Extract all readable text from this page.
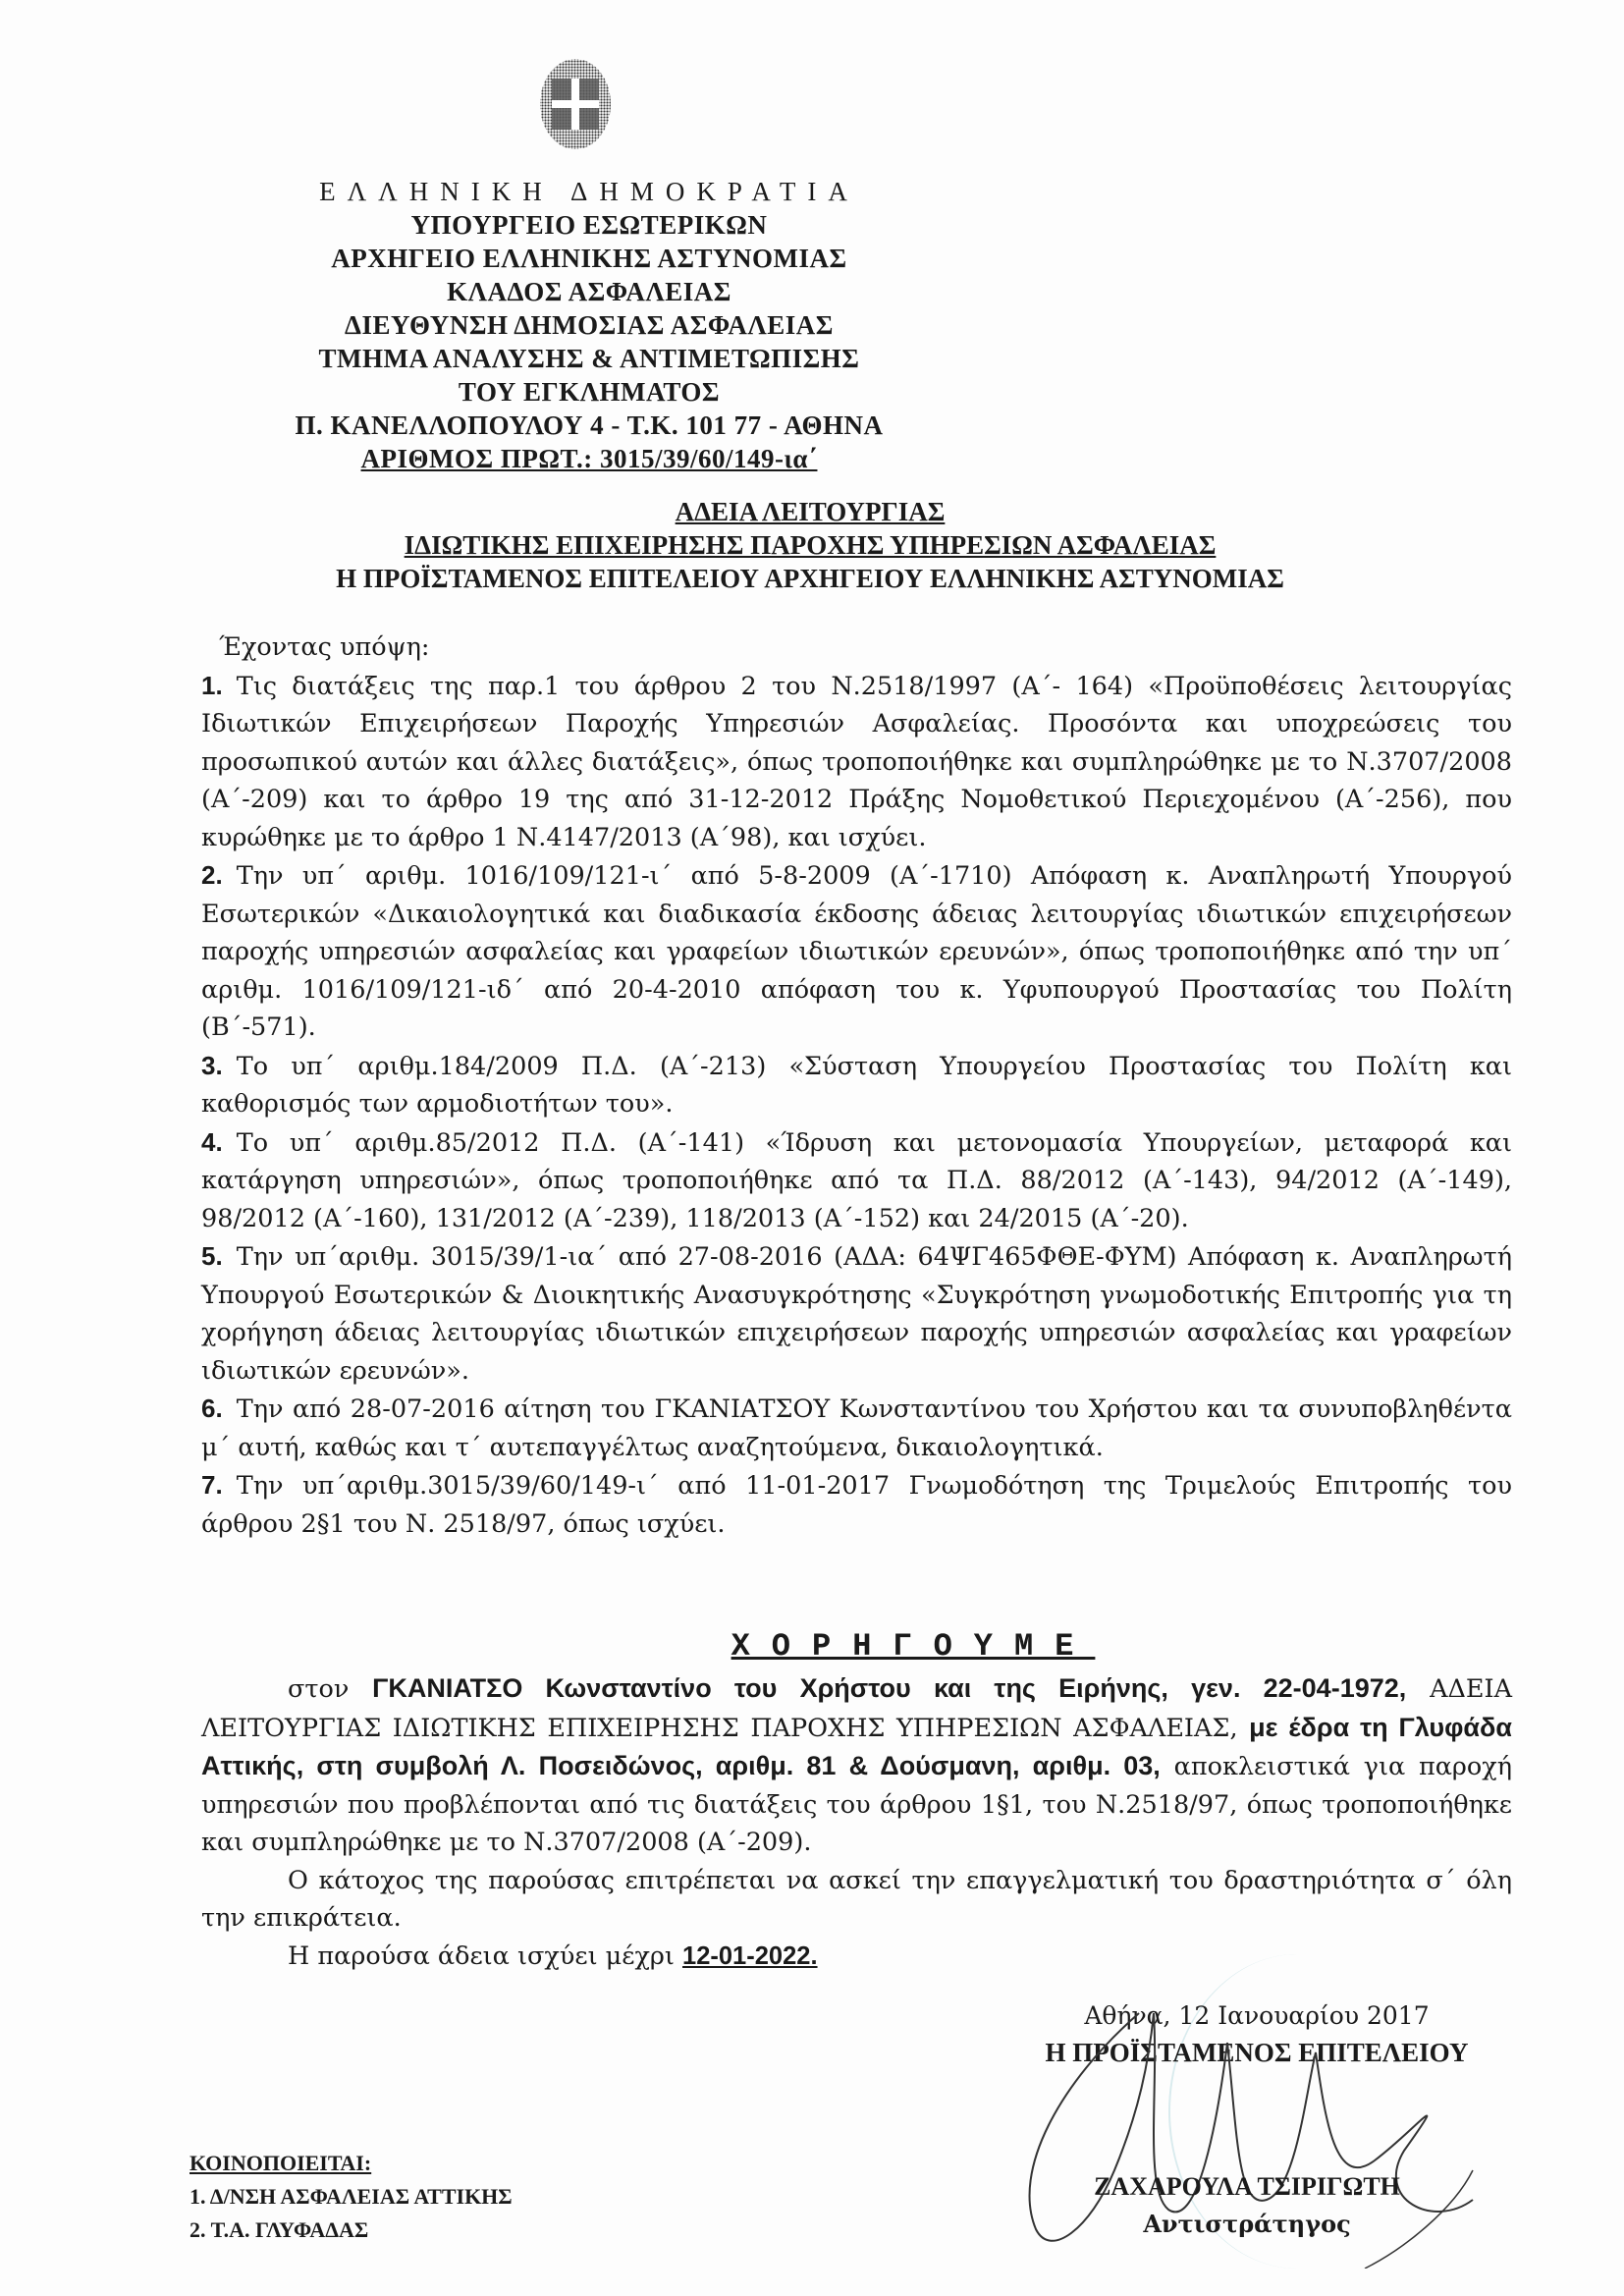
ΕΛΛΗΝΙΚΗ ΔΗΜΟΚΡΑΤΙΑ
ΥΠΟΥΡΓΕΙΟ ΕΣΩΤΕΡΙΚΩΝ
ΑΡΧΗΓΕΙΟ ΕΛΛΗΝΙΚΗΣ ΑΣΤΥΝΟΜΙΑΣ
ΚΛΑΔΟΣ ΑΣΦΑΛΕΙΑΣ
ΔΙΕΥΘΥΝΣΗ ΔΗΜΟΣΙΑΣ ΑΣΦΑΛΕΙΑΣ
ΤΜΗΜΑ ΑΝΑΛΥΣΗΣ & ΑΝΤΙΜΕΤΩΠΙΣΗΣ
ΤΟΥ ΕΓΚΛΗΜΑΤΟΣ
Π. ΚΑΝΕΛΛΟΠΟΥΛΟΥ 4 - Τ.Κ. 101 77 - ΑΘΗΝΑ
ΑΡΙΘΜΟΣ ΠΡΩΤ.: 3015/39/60/149-ια΄
ΑΔΕΙΑ ΛΕΙΤΟΥΡΓΙΑΣ
ΙΔΙΩΤΙΚΗΣ ΕΠΙΧΕΙΡΗΣΗΣ ΠΑΡΟΧΗΣ ΥΠΗΡΕΣΙΩΝ ΑΣΦΑΛΕΙΑΣ
Η ΠΡΟΪΣΤΑΜΕΝΟΣ ΕΠΙΤΕΛΕΙΟΥ ΑΡΧΗΓΕΙΟΥ ΕΛΛΗΝΙΚΗΣ ΑΣΤΥΝΟΜΙΑΣ

Έχοντας υπόψη:

1. Τις διατάξεις της παρ.1 του άρθρου 2 του Ν.2518/1997 (Α΄- 164) «Προϋποθέσεις λειτουργίας Ιδιωτικών Επιχειρήσεων Παροχής Υπηρεσιών Ασφαλείας. Προσόντα και υποχρεώσεις του προσωπικού αυτών και άλλες διατάξεις», όπως τροποποιήθηκε και συμπληρώθηκε με το Ν.3707/2008 (Α΄-209) και το άρθρο 19 της από 31-12-2012 Πράξης Νομοθετικού Περιεχομένου (Α΄-256), που κυρώθηκε με το άρθρο 1 Ν.4147/2013 (Α΄98), και ισχύει.

2. Την υπ΄ αριθμ. 1016/109/121-ι΄ από 5-8-2009 (Α΄-1710) Απόφαση κ. Αναπληρωτή Υπουργού Εσωτερικών «Δικαιολογητικά και διαδικασία έκδοσης άδειας λειτουργίας ιδιωτικών επιχειρήσεων παροχής υπηρεσιών ασφαλείας και γραφείων ιδιωτικών ερευνών», όπως τροποποιήθηκε από την υπ΄ αριθμ. 1016/109/121-ιδ΄ από 20-4-2010 απόφαση του κ. Υφυπουργού Προστασίας του Πολίτη (Β΄-571).

3. Το υπ΄ αριθμ.184/2009 Π.Δ. (Α΄-213) «Σύσταση Υπουργείου Προστασίας του Πολίτη και καθορισμός των αρμοδιοτήτων του».

4. Το υπ΄ αριθμ.85/2012 Π.Δ. (Α΄-141) «Ίδρυση και μετονομασία Υπουργείων, μεταφορά και κατάργηση υπηρεσιών», όπως τροποποιήθηκε από τα Π.Δ. 88/2012 (Α΄-143), 94/2012 (Α΄-149), 98/2012 (Α΄-160), 131/2012 (Α΄-239), 118/2013 (Α΄-152) και 24/2015 (Α΄-20).

5. Την υπ΄αριθμ. 3015/39/1-ια΄ από 27-08-2016 (ΑΔΑ: 64ΨΓ465ΦΘΕ-ΦΥΜ) Απόφαση κ. Αναπληρωτή Υπουργού Εσωτερικών & Διοικητικής Ανασυγκρότησης «Συγκρότηση γνωμοδοτικής Επιτροπής για τη χορήγηση άδειας λειτουργίας ιδιωτικών επιχειρήσεων παροχής υπηρεσιών ασφαλείας και γραφείων ιδιωτικών ερευνών».

6. Την από 28-07-2016 αίτηση του ΓΚΑΝΙΑΤΣΟΥ Κωνσταντίνου του Χρήστου και τα συνυποβληθέντα μ΄ αυτή, καθώς και τ΄ αυτεπαγγέλτως αναζητούμενα, δικαιολογητικά.

7. Την υπ΄αριθμ.3015/39/60/149-ι΄ από 11-01-2017 Γνωμοδότηση της Τριμελούς Επιτροπής του άρθρου 2§1 του Ν. 2518/97, όπως ισχύει.

ΧΟΡΗΓΟΥΜΕ

στον ΓΚΑΝΙΑΤΣΟ Κωνσταντίνο του Χρήστου και της Ειρήνης, γεν. 22-04-1972, ΑΔΕΙΑ ΛΕΙΤΟΥΡΓΙΑΣ ΙΔΙΩΤΙΚΗΣ ΕΠΙΧΕΙΡΗΣΗΣ ΠΑΡΟΧΗΣ ΥΠΗΡΕΣΙΩΝ ΑΣΦΑΛΕΙΑΣ, με έδρα τη Γλυφάδα Αττικής, στη συμβολή Λ. Ποσειδώνος, αριθμ. 81 & Δούσμανη, αριθμ. 03, αποκλειστικά για παροχή υπηρεσιών που προβλέπονται από τις διατάξεις του άρθρου 1§1, του Ν.2518/97, όπως τροποποιήθηκε και συμπληρώθηκε με το Ν.3707/2008 (Α΄-209).

Ο κάτοχος της παρούσας επιτρέπεται να ασκεί την επαγγελματική του δραστηριότητα σ΄ όλη την επικράτεια.

Η παρούσα άδεια ισχύει μέχρι 12-01-2022.

Αθήνα, 12 Ιανουαρίου 2017
Η ΠΡΟΪΣΤΑΜΕΝΟΣ ΕΠΙΤΕΛΕΙΟΥ
ΖΑΧΑΡΟΥΛΑ ΤΣΙΡΙΓΩΤΗ
Αντιστράτηγος
ΚΟΙΝΟΠΟΙΕΙΤΑΙ:
1. Δ/ΝΣΗ ΑΣΦΑΛΕΙΑΣ ΑΤΤΙΚΗΣ
2. Τ.Α. ΓΛΥΦΑΔΑΣ
